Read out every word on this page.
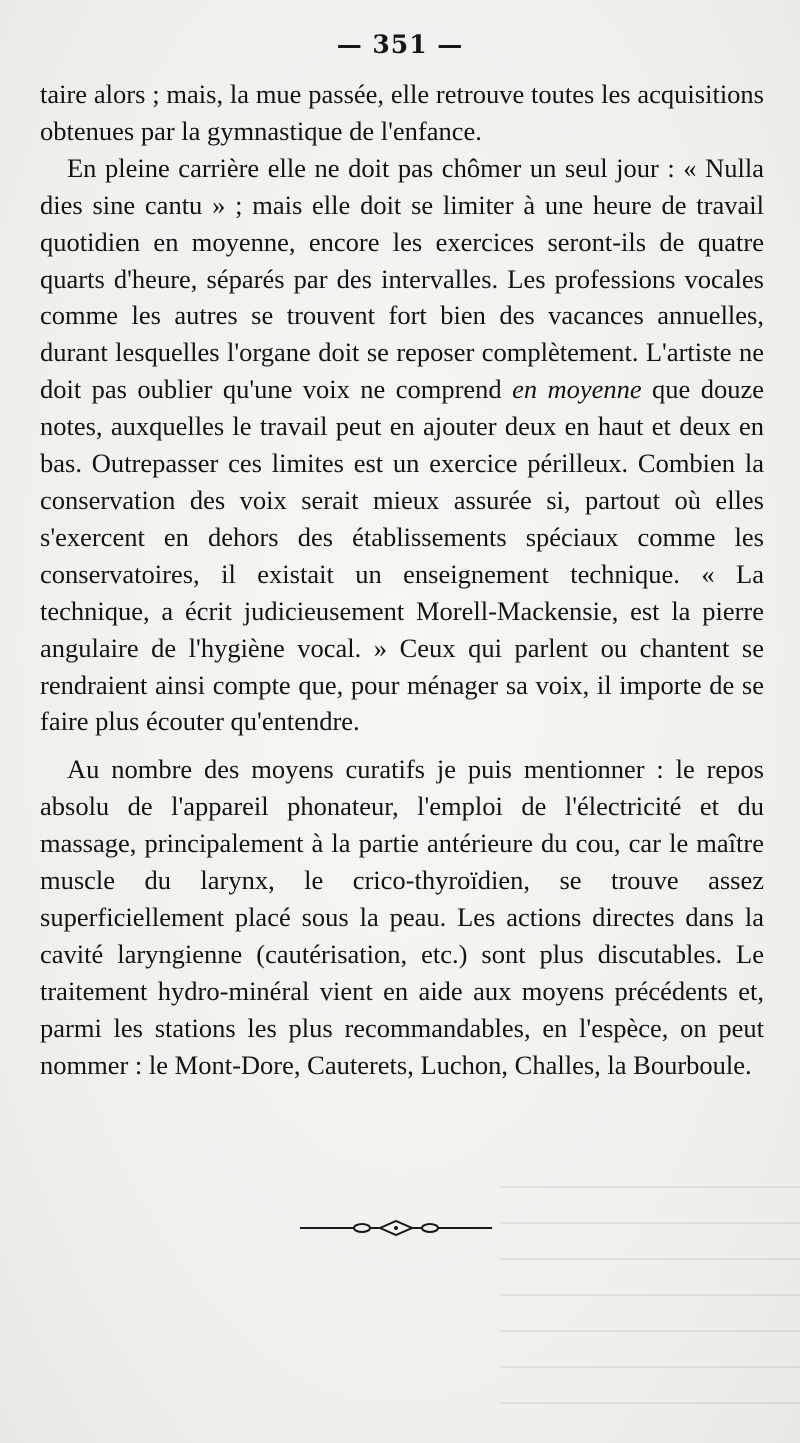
— 351 —

taire alors ; mais, la mue passée, elle retrouve toutes les acquisitions obtenues par la gymnastique de l'enfance.

En pleine carrière elle ne doit pas chômer un seul jour : « Nulla dies sine cantu » ; mais elle doit se limiter à une heure de travail quotidien en moyenne, encore les exercices seront-ils de quatre quarts d'heure, séparés par des intervalles. Les professions vocales comme les autres se trouvent fort bien des vacances annuelles, durant lesquelles l'organe doit se reposer complètement. L'artiste ne doit pas oublier qu'une voix ne comprend en moyenne que douze notes, auxquelles le travail peut en ajouter deux en haut et deux en bas. Outrepasser ces limites est un exercice périlleux. Combien la conservation des voix serait mieux assurée si, partout où elles s'exercent en dehors des établissements spéciaux comme les conservatoires, il existait un enseignement technique. « La technique, a écrit judicieusement Morell-Mackensie, est la pierre angulaire de l'hygiène vocal. » Ceux qui parlent ou chantent se rendraient ainsi compte que, pour ménager sa voix, il importe de se faire plus écouter qu'entendre.

Au nombre des moyens curatifs je puis mentionner : le repos absolu de l'appareil phonateur, l'emploi de l'électricité et du massage, principalement à la partie antérieure du cou, car le maître muscle du larynx, le crico-thyroïdien, se trouve assez superficiellement placé sous la peau. Les actions directes dans la cavité laryngienne (cautérisation, etc.) sont plus discutables. Le traitement hydro-minéral vient en aide aux moyens précédents et, parmi les stations les plus recommandables, en l'espèce, on peut nommer : le Mont-Dore, Cauterets, Luchon, Challes, la Bourboule.
